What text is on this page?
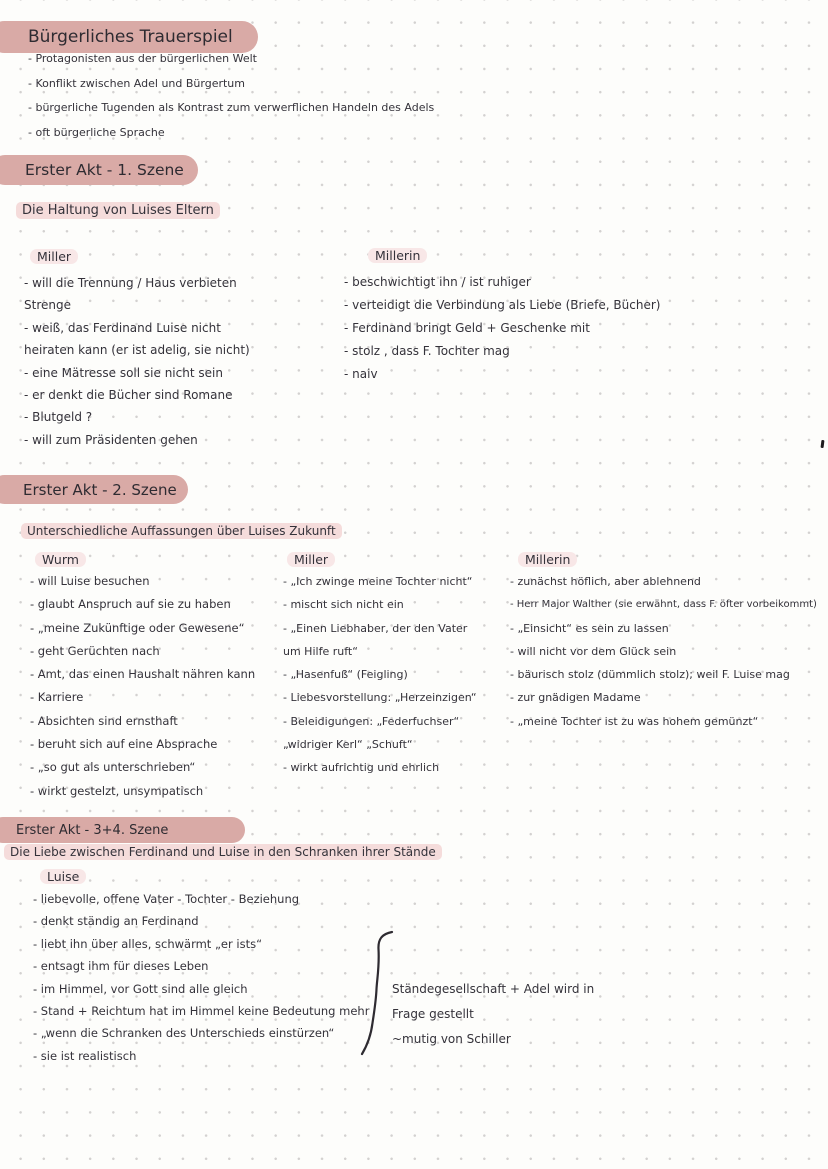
Bürgerliches Trauerspiel
- Protagonisten aus der bürgerlichen Welt
- Konflikt zwischen Adel und Bürgertum
- bürgerliche Tugenden als Kontrast zum verwerflichen Handeln des Adels
- oft bürgerliche Sprache
Erster Akt - 1. Szene
Die Haltung von Luises Eltern
Miller
- will die Trennung / Haus verbieten
Strenge
- weiß, das Ferdinand Luise nicht
heiraten kann (er ist adelig, sie nicht)
- eine Mätresse soll sie nicht sein
- er denkt die Bücher sind Romane
- Blutgeld ?
- will zum Präsidenten gehen
Millerin
- beschwichtigt ihn / ist ruhiger
- verteidigt die Verbindung als Liebe (Briefe, Bücher)
- Ferdinand bringt Geld + Geschenke mit
- stolz , dass F. Tochter mag
- naiv
Erster Akt - 2. Szene
Unterschiedliche Auffassungen über Luises Zukunft
Wurm
- will Luise besuchen
- glaubt Anspruch auf sie zu haben
- „meine Zukünftige oder Gewesene“
- geht Gerüchten nach
- Amt, das einen Haushalt nähren kann
- Karriere
- Absichten sind ernsthaft
- beruht sich auf eine Absprache
- „so gut als unterschrieben“
- wirkt gestelzt, unsympatisch
Miller
- „Ich zwinge meine Tochter nicht“
- mischt sich nicht ein
- „Einen Liebhaber, der den Vater
um Hilfe ruft“
- „Hasenfuß“ (Feigling)
- Liebesvorstellung: „Herzeinzigen“
- Beleidigungen: „Federfuchser“
„widriger Kerl“ „Schuft“
- wirkt aufrichtig und ehrlich
Millerin
- zunächst höflich, aber ablehnend
- Herr Major Walther (sie erwähnt, dass F. öfter vorbeikommt)
- „Einsicht“ es sein zu lassen
- will nicht vor dem Glück sein
- bäurisch stolz (dümmlich stolz); weil F. Luise mag
- zur gnädigen Madame
- „meine Tochter ist zu was hohem gemünzt“
Erster Akt - 3+4. Szene
Die Liebe zwischen Ferdinand und Luise in den Schranken ihrer Stände
Luise
- liebevolle, offene Vater - Tochter - Beziehung
- denkt ständig an Ferdinand
- liebt ihn über alles, schwärmt „er ists“
- entsagt ihm für dieses Leben
- im Himmel, vor Gott sind alle gleich
- Stand + Reichtum hat im Himmel keine Bedeutung mehr
- „wenn die Schranken des Unterschieds einstürzen“
- sie ist realistisch
Ständegesellschaft + Adel wird in
Frage gestellt
~mutig von Schiller
